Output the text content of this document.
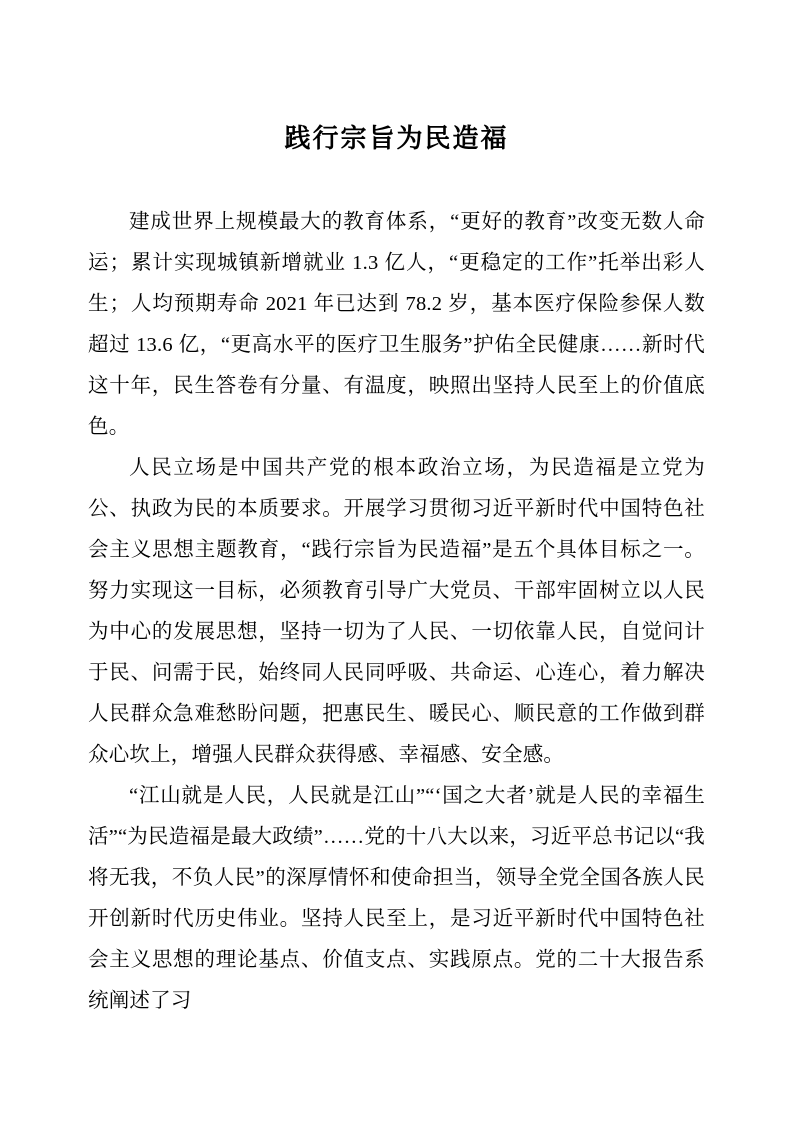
践行宗旨为民造福

建成世界上规模最大的教育体系，“更好的教育”改变无数人命运；累计实现城镇新增就业 1.3 亿人，“更稳定的工作”托举出彩人生；人均预期寿命 2021 年已达到 78.2 岁，基本医疗保险参保人数超过 13.6 亿，“更高水平的医疗卫生服务”护佑全民健康……新时代这十年，民生答卷有分量、有温度，映照出坚持人民至上的价值底色。

人民立场是中国共产党的根本政治立场，为民造福是立党为公、执政为民的本质要求。开展学习贯彻习近平新时代中国特色社会主义思想主题教育，“践行宗旨为民造福”是五个具体目标之一。努力实现这一目标，必须教育引导广大党员、干部牢固树立以人民为中心的发展思想，坚持一切为了人民、一切依靠人民，自觉问计于民、问需于民，始终同人民同呼吸、共命运、心连心，着力解决人民群众急难愁盼问题，把惠民生、暖民心、顺民意的工作做到群众心坎上，增强人民群众获得感、幸福感、安全感。

“江山就是人民，人民就是江山”“‘国之大者’就是人民的幸福生活”“为民造福是最大政绩”……党的十八大以来，习近平总书记以“我将无我，不负人民”的深厚情怀和使命担当，领导全党全国各族人民开创新时代历史伟业。坚持人民至上，是习近平新时代中国特色社会主义思想的理论基点、价值支点、实践原点。党的二十大报告系统阐述了习
